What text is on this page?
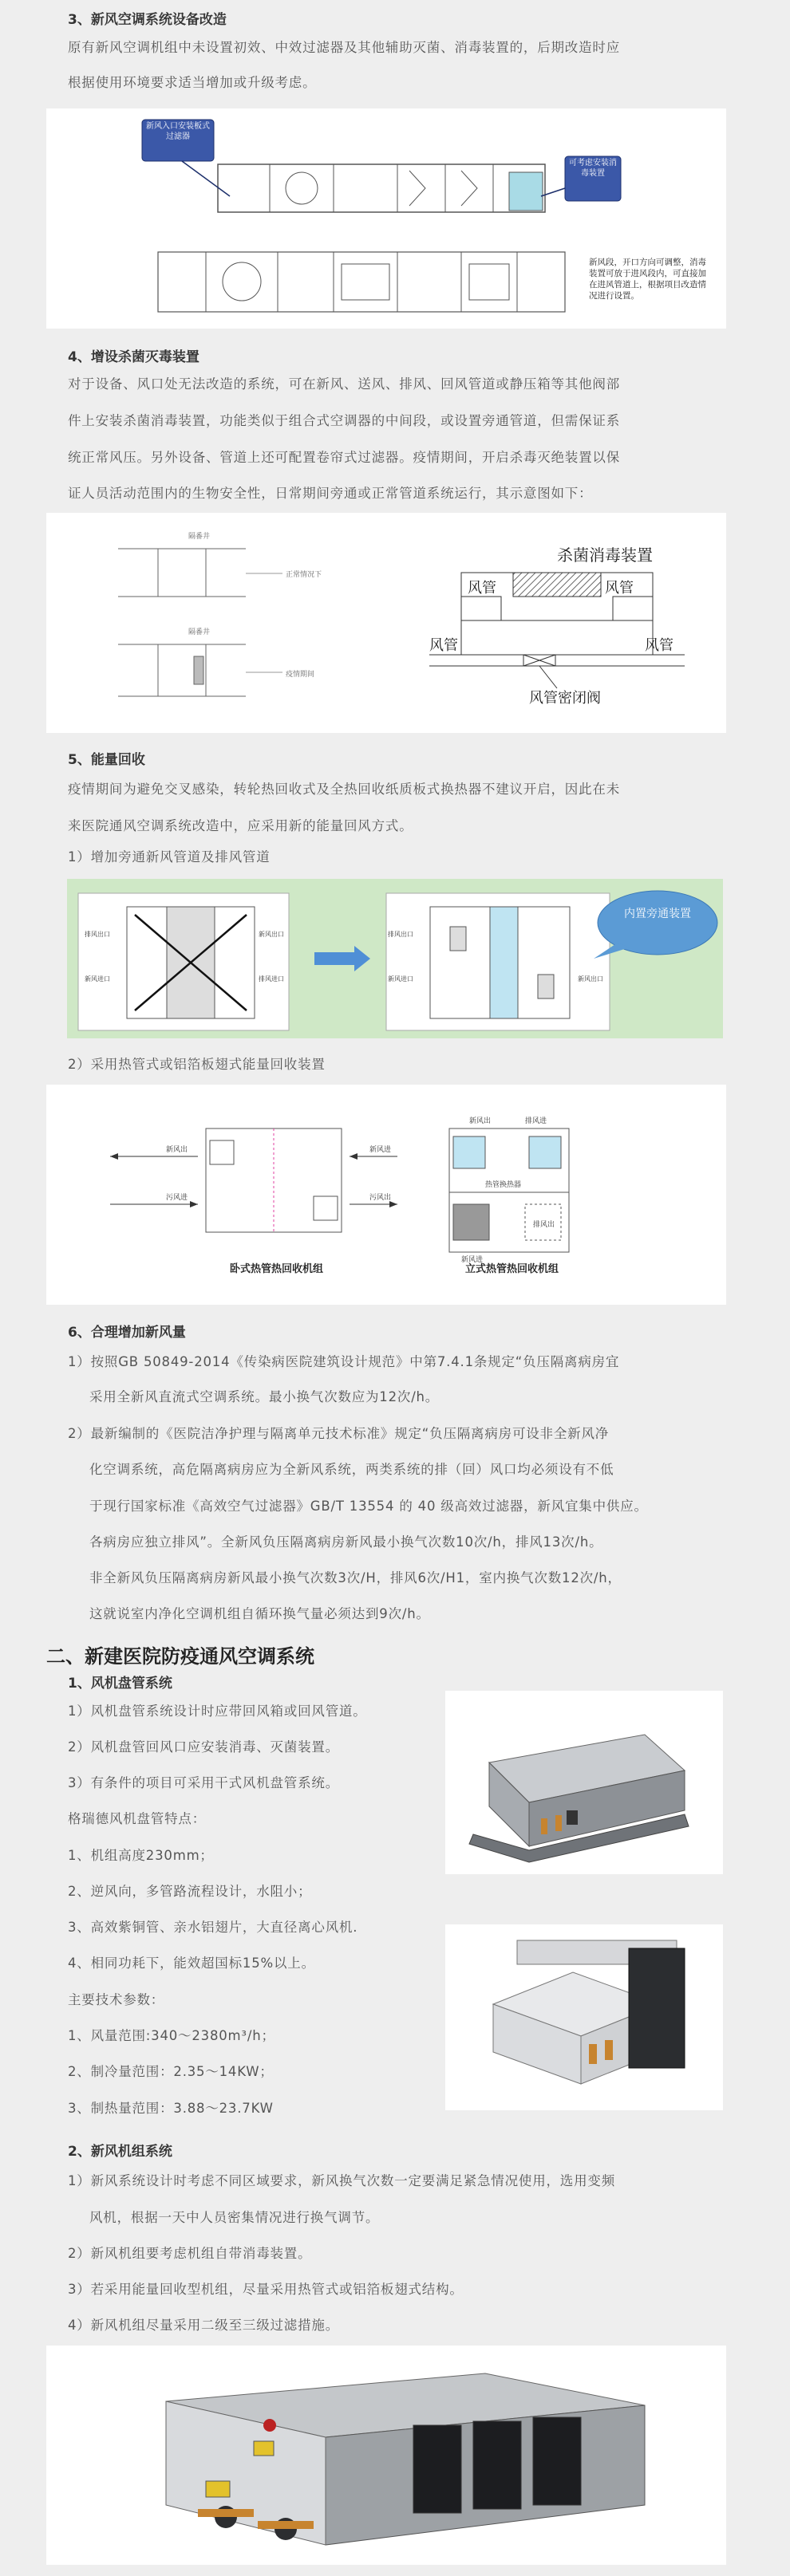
3、新风空调系统设备改造
原有新风空调机组中未设置初效、中效过滤器及其他辅助灭菌、消毒装置的，后期改造时应
根据使用环境要求适当增加或升级考虑。
新风入口安装板式过滤器
可考虑安装消毒装置
新风段，开口方向可调整，消毒装置可放于进风段内，可直接加在进风管道上，根据项目改造情况进行设置。
4、增设杀菌灭毒装置
对于设备、风口处无法改造的系统，可在新风、送风、排风、回风管道或静压箱等其他阀部
件上安装杀菌消毒装置，功能类似于组合式空调器的中间段，或设置旁通管道，但需保证系
统正常风压。另外设备、管道上还可配置卷帘式过滤器。疫情期间，开启杀毒灭绝装置以保
证人员活动范围内的生物安全性，日常期间旁通或正常管道系统运行，其示意图如下：
隔番井
正常情况下
隔番井
疫情期间
杀菌消毒装置
风管	风管
风管	风管
风管密闭阀
5、能量回收
疫情期间为避免交叉感染，转轮热回收式及全热回收纸质板式换热器不建议开启，因此在未
来医院通风空调系统改造中，应采用新的能量回风方式。
1）增加旁通新风管道及排风管道
排风出口
新风进口
新风出口
排风进口
排风出口
新风进口	新风出口
内置旁通装置
2）采用热管式或铝箔板翅式能量回收装置
新风出	新风进
污风进	污风出
卧式热管热回收机组
新风出	排风进
热管换热器
新风进
排风出
立式热管热回收机组
6、合理增加新风量
1）按照GB 50849-2014《传染病医院建筑设计规范》中第7.4.1条规定“负压隔离病房宜
采用全新风直流式空调系统。最小换气次数应为12次/h。
2）最新编制的《医院洁净护理与隔离单元技术标准》规定“负压隔离病房可设非全新风净
化空调系统，高危隔离病房应为全新风系统，两类系统的排（回）风口均必须设有不低
于现行国家标准《高效空气过滤器》GB/T 13554 的 40 级高效过滤器，新风宜集中供应。
各病房应独立排风”。全新风负压隔离病房新风最小换气次数10次/h，排风13次/h。
非全新风负压隔离病房新风最小换气次数3次/H，排风6次/H1，室内换气次数12次/h，
这就说室内净化空调机组自循环换气量必须达到9次/h。
二、新建医院防疫通风空调系统
1、风机盘管系统
1）风机盘管系统设计时应带回风箱或回风管道。
2）风机盘管回风口应安装消毒、灭菌装置。
3）有条件的项目可采用干式风机盘管系统。
格瑞德风机盘管特点：
1、机组高度230mm；
2、逆风向，多管路流程设计，水阻小；
3、高效紫铜管、亲水铝翅片，大直径离心风机.
4、相同功耗下，能效超国标15%以上。
主要技术参数：
1、风量范围:340～2380m³/h；
2、制冷量范围：2.35～14KW；
3、制热量范围：3.88～23.7KW
2、新风机组系统
1）新风系统设计时考虑不同区域要求，新风换气次数一定要满足紧急情况使用，选用变频
风机，根据一天中人员密集情况进行换气调节。
2）新风机组要考虑机组自带消毒装置。
3）若采用能量回收型机组，尽量采用热管式或铝箔板翅式结构。
4）新风机组尽量采用二级至三级过滤措施。
